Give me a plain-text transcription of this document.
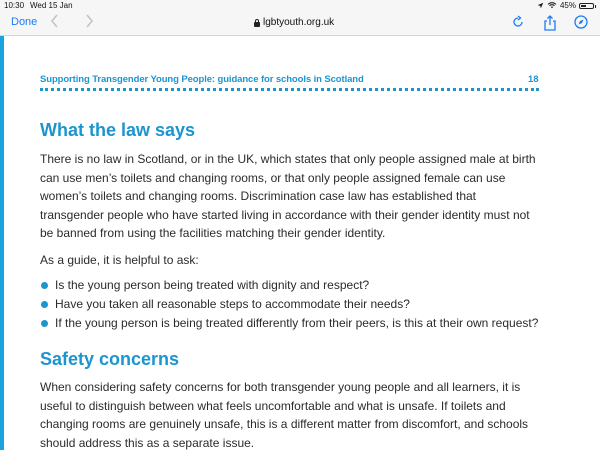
10:30 Wed 15 Jan	45%
Done	lgbtyouth.org.uk
Supporting Transgender Young People: guidance for schools in Scotland	18
What the law says

There is no law in Scotland, or in the UK, which states that only people assigned male at birth can use men’s toilets and changing rooms, or that only people assigned female can use women’s toilets and changing rooms. Discrimination case law has established that transgender people who have started living in accordance with their gender identity must not be banned from using the facilities matching their gender identity.

As a guide, it is helpful to ask:

Is the young person being treated with dignity and respect?
Have you taken all reasonable steps to accommodate their needs?
If the young person is being treated differently from their peers, is this at their own request?
Safety concerns

When considering safety concerns for both transgender young people and all learners, it is useful to distinguish between what feels uncomfortable and what is unsafe. If toilets and changing rooms are genuinely unsafe, this is a different matter from discomfort, and schools should address this as a separate issue.
